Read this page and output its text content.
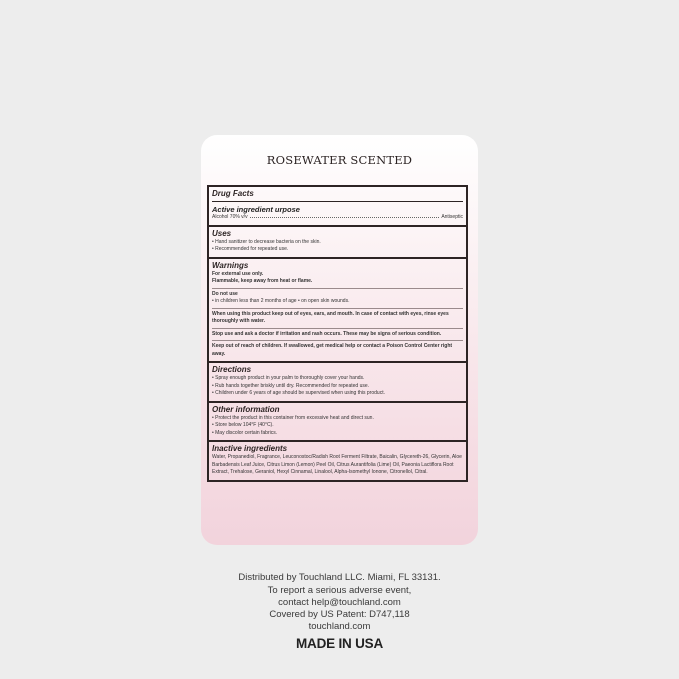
ROSEWATER SCENTED
Drug Facts
Active ingredient urpose
Alcohol 70% v/v	Antiseptic
Uses
• Hand sanitizer to decrease bacteria on the skin.
• Recommended for repeated use.
Warnings
For external use only.
Flammable, keep away from heat or flame.
Do not use
• in children less than 2 months of age • on open skin wounds.
When using this product keep out of eyes, ears, and mouth. In case of contact with eyes, rinse eyes thoroughly with water.
Stop use and ask a doctor if irritation and rash occurs. These may be signs of serious condition.
Keep out of reach of children. If swallowed, get medical help or contact a Poison Control Center right away.
Directions
• Spray enough product in your palm to thoroughly cover your hands.
• Rub hands together briskly until dry. Recommended for repeated use.
• Children under 6 years of age should be supervised when using this product.
Other information
• Protect the product in this container from excessive heat and direct sun.
• Store below 104°F (40°C).
• May discolor certain fabrics.
Inactive ingredients
Water, Propanediol, Fragrance, Leuconostoc/Radish Root Ferment Filtrate, Baicalin, Glycereth-26, Glycerin, Aloe Barbadensis Leaf Juice, Citrus Limon (Lemon) Peel Oil, Citrus Aurantifolia (Lime) Oil, Paeonia Lactiflora Root Extract, Trehalose, Geraniol, Hexyl Cinnamal, Linalool, Alpha-Isomethyl Ionone, Citronellol, Citral.
Distributed by Touchland LLC. Miami, FL 33131.
To report a serious adverse event,
contact help@touchland.com
Covered by US Patent: D747,118
touchland.com
MADE IN USA
